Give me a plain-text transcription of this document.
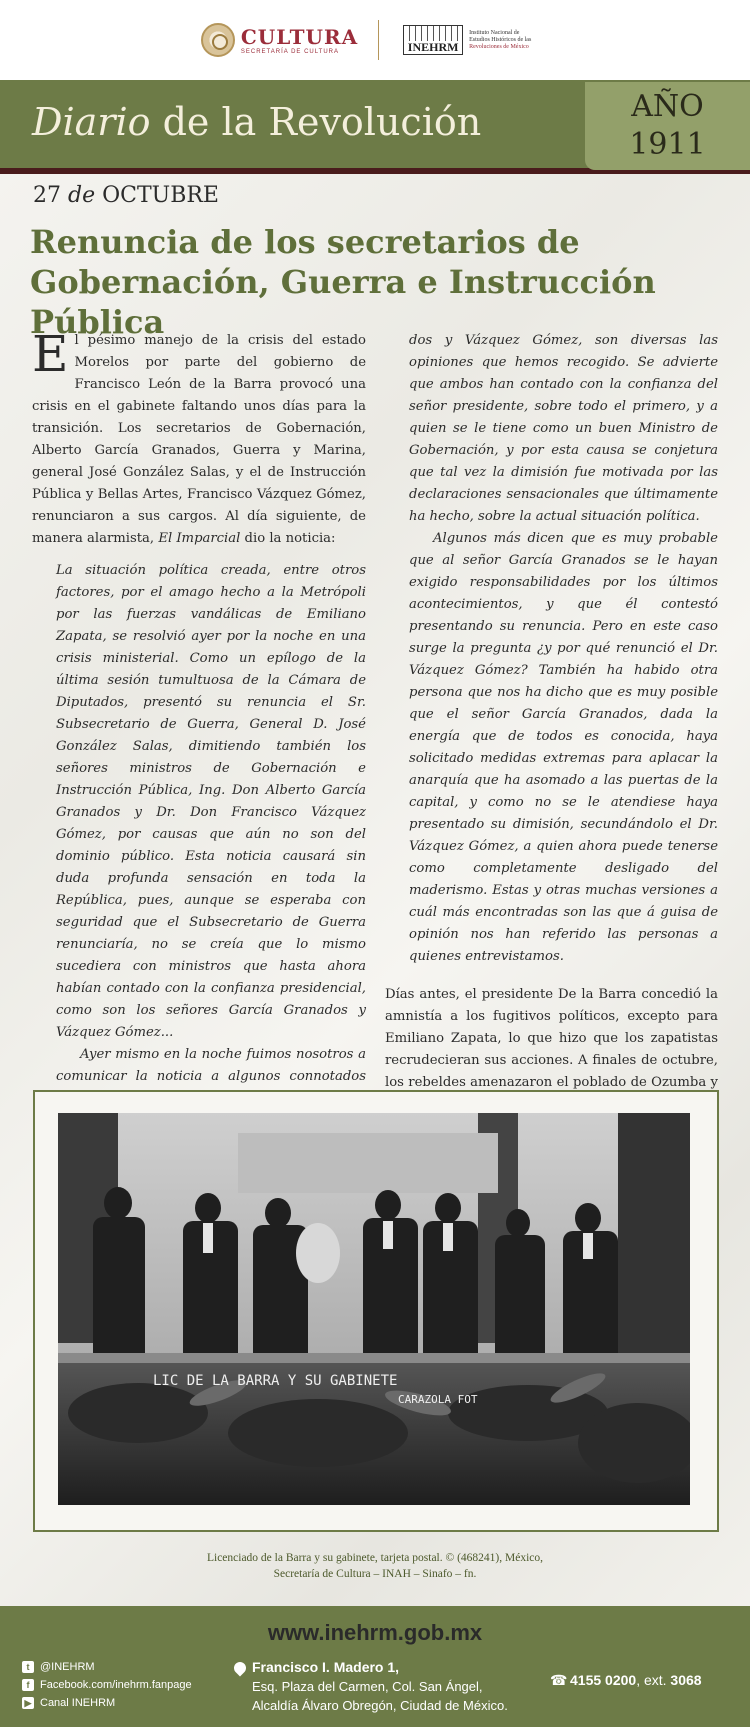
CULTURA
SECRETARÍA DE CULTURA	INEHRM
Instituto Nacional de
Estudios Históricos de las
Revoluciones de México
Diario de la Revolución	AÑO
1911
27 de OCTUBRE
Renuncia de los secretarios de Gobernación, Guerra e Instrucción Pública

El pésimo manejo de la crisis del estado Morelos por parte del gobierno de Francisco León de la Barra provocó una crisis en el gabinete faltando unos días para la transición. Los secretarios de Gobernación, Alberto García Granados, Guerra y Marina, general José González Salas, y el de Instrucción Pública y Bellas Artes, Francisco Vázquez Gómez, renunciaron a sus cargos. Al día siguiente, de manera alarmista, El Imparcial dio la noticia:

La situación política creada, entre otros factores, por el amago hecho a la Metrópoli por las fuerzas vandálicas de Emiliano Zapata, se resolvió ayer por la noche en una crisis ministerial. Como un epílogo de la última sesión tumultuosa de la Cámara de Diputados, presentó su renuncia el Sr. Subsecretario de Guerra, General D. José González Salas, dimitiendo también los señores ministros de Gobernación e Instrucción Pública, Ing. Don Alberto García Granados y Dr. Don Francisco Vázquez Gómez, por causas que aún no son del dominio público. Esta noticia causará sin duda profunda sensación en toda la República, pues, aunque se esperaba con seguridad que el Subsecretario de Guerra renunciaría, no se creía que lo mismo sucediera con ministros que hasta ahora habían contado con la confianza presidencial, como son los señores García Granados y Vázquez Gómez...

Ayer mismo en la noche fuimos nosotros a comunicar la noticia a algunos connotados

dos y Vázquez Gómez, son diversas las opiniones que hemos recogido. Se advierte que ambos han contado con la confianza del señor presidente, sobre todo el primero, y a quien se le tiene como un buen Ministro de Gobernación, y por esta causa se conjetura que tal vez la dimisión fue motivada por las declaraciones sensacionales que últimamente ha hecho, sobre la actual situación política.

Algunos más dicen que es muy probable que al señor García Granados se le hayan exigido responsabilidades por los últimos acontecimientos, y que él contestó presentando su renuncia. Pero en este caso surge la pregunta ¿y por qué renunció el Dr. Vázquez Gómez? También ha habido otra persona que nos ha dicho que es muy posible que el señor García Granados, dada la energía que de todos es conocida, haya solicitado medidas extremas para aplacar la anarquía que ha asomado a las puertas de la capital, y como no se le atendiese haya presentado su dimisión, secundándolo el Dr. Vázquez Gómez, a quien ahora puede tenerse como completamente desligado del maderismo. Estas y otras muchas versiones a cuál más encontradas son las que á guisa de opinión nos han referido las personas a quienes entrevistamos.

Días antes, el presidente De la Barra concedió la amnistía a los fugitivos políticos, excepto para Emiliano Zapata, lo que hizo que los zapatistas recrudecieran sus acciones. A finales de octubre, los rebeldes amenazaron el poblado de Ozumba y

LIC DE LA BARRA Y SU GABINETE
CARAZOLA FOT
Licenciado de la Barra y su gabinete, tarjeta postal. © (468241), México,
Secretaría de Cultura – INAH – Sinafo – fn.
www.inehrm.gob.mx
t @INEHRM
f Facebook.com/inehrm.fanpage
▶ Canal INEHRM
Francisco I. Madero 1,
Esq. Plaza del Carmen, Col. San Ángel,
Alcaldía Álvaro Obregón, Ciudad de México.
☎ 4155 0200, ext. 3068
